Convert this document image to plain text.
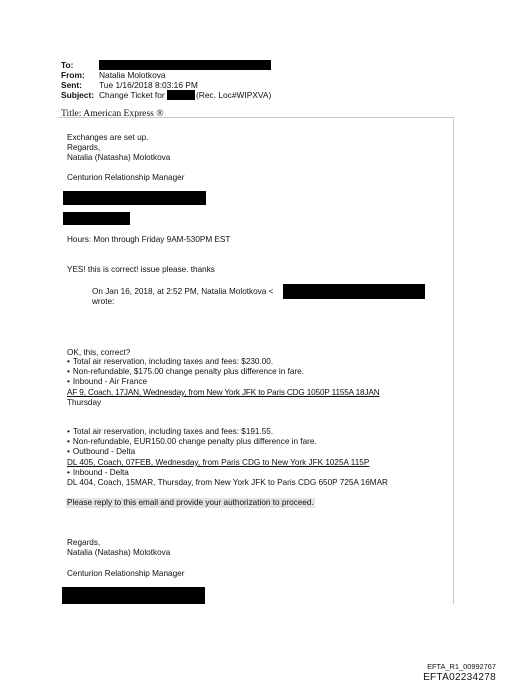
To:
From: Natalia Molotkova
Sent: Tue 1/16/2018 8:03:16 PM
Subject: Change Ticket for	(Rec. Loc#WIPXVA)
Title: American Express ®
Exchanges are set up.
Regards,
Natalia (Natasha) Molotkova
Centurion Relationship Manager
Hours: Mon through Friday 9AM-530PM EST
YES! this is correct! issue please. thanks
On Jan 16, 2018, at 2:52 PM, Natalia Molotkova <
wrote:
OK, this, correct?
• Total air reservation, including taxes and fees: $230.00.
• Non-refundable, $175.00 change penalty plus difference in fare.
• Inbound - Air France
AF 9, Coach, 17JAN, Wednesday, from New York JFK to Paris CDG 1050P 1155A 18JAN
Thursday
• Total air reservation, including taxes and fees: $191.55.
• Non-refundable, EUR150.00 change penalty plus difference in fare.
• Outbound - Delta
DL 405, Coach, 07FEB, Wednesday, from Paris CDG to New York JFK 1025A 115P
• Inbound - Delta
DL 404, Coach, 15MAR, Thursday, from New York JFK to Paris CDG 650P 725A 16MAR
Please reply to this email and provide your authorization to proceed.
Regards,
Natalia (Natasha) Molotkova
Centurion Relationship Manager
EFTA_R1_00992767
EFTA02234278
